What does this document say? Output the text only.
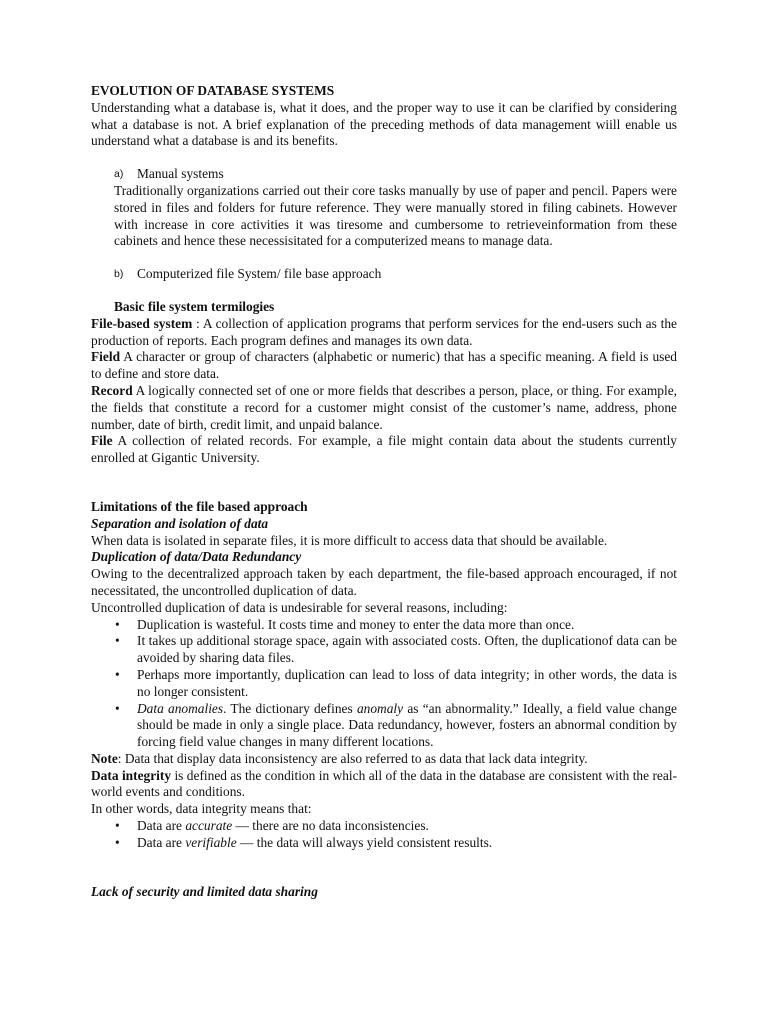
EVOLUTION OF DATABASE SYSTEMS

Understanding what a database is, what it does, and the proper way to use it can be clarified by considering what a database is not. A brief explanation of the preceding methods of data management wiill enable us understand what a database is and its benefits.

a)	Manual systems

Traditionally organizations carried out their core tasks manually by use of paper and pencil. Papers were stored in files and folders for future reference. They were manually stored in filing cabinets. However with increase in core activities it was tiresome and cumbersome to retrieveinformation from these cabinets and hence these necessisitated for a computerized means to manage data.

b)	Computerized file System/ file base approach

Basic file system termilogies

File-based system : A collection of application programs that perform services for the end-users such as the production of reports. Each program defines and manages its own data.

Field A character or group of characters (alphabetic or numeric) that has a specific meaning. A field is used to define and store data.

Record A logically connected set of one or more fields that describes a person, place, or thing. For example, the fields that constitute a record for a customer might consist of the customer’s name, address, phone number, date of birth, credit limit, and unpaid balance.

File A collection of related records. For example, a file might contain data about the students currently enrolled at Gigantic University.

Limitations of the file based approach

Separation and isolation of data

When data is isolated in separate files, it is more difficult to access data that should be available.

Duplication of data/Data Redundancy

Owing to the decentralized approach taken by each department, the file-based approach encouraged, if not necessitated, the uncontrolled duplication of data.

Uncontrolled duplication of data is undesirable for several reasons, including:

•	Duplication is wasteful. It costs time and money to enter the data more than once.
•	It takes up additional storage space, again with associated costs. Often, the duplicationof data can be avoided by sharing data files.
•	Perhaps more importantly, duplication can lead to loss of data integrity; in other words, the data is no longer consistent.
•	Data anomalies. The dictionary defines anomaly as “an abnormality.” Ideally, a field value change should be made in only a single place. Data redundancy, however, fosters an abnormal condition by forcing field value changes in many different locations.

Note: Data that display data inconsistency are also referred to as data that lack data integrity.

Data integrity is defined as the condition in which all of the data in the database are consistent with the real-world events and conditions.

In other words, data integrity means that:

•	Data are accurate — there are no data inconsistencies.
•	Data are verifiable — the data will always yield consistent results.

Lack of security and limited data sharing
